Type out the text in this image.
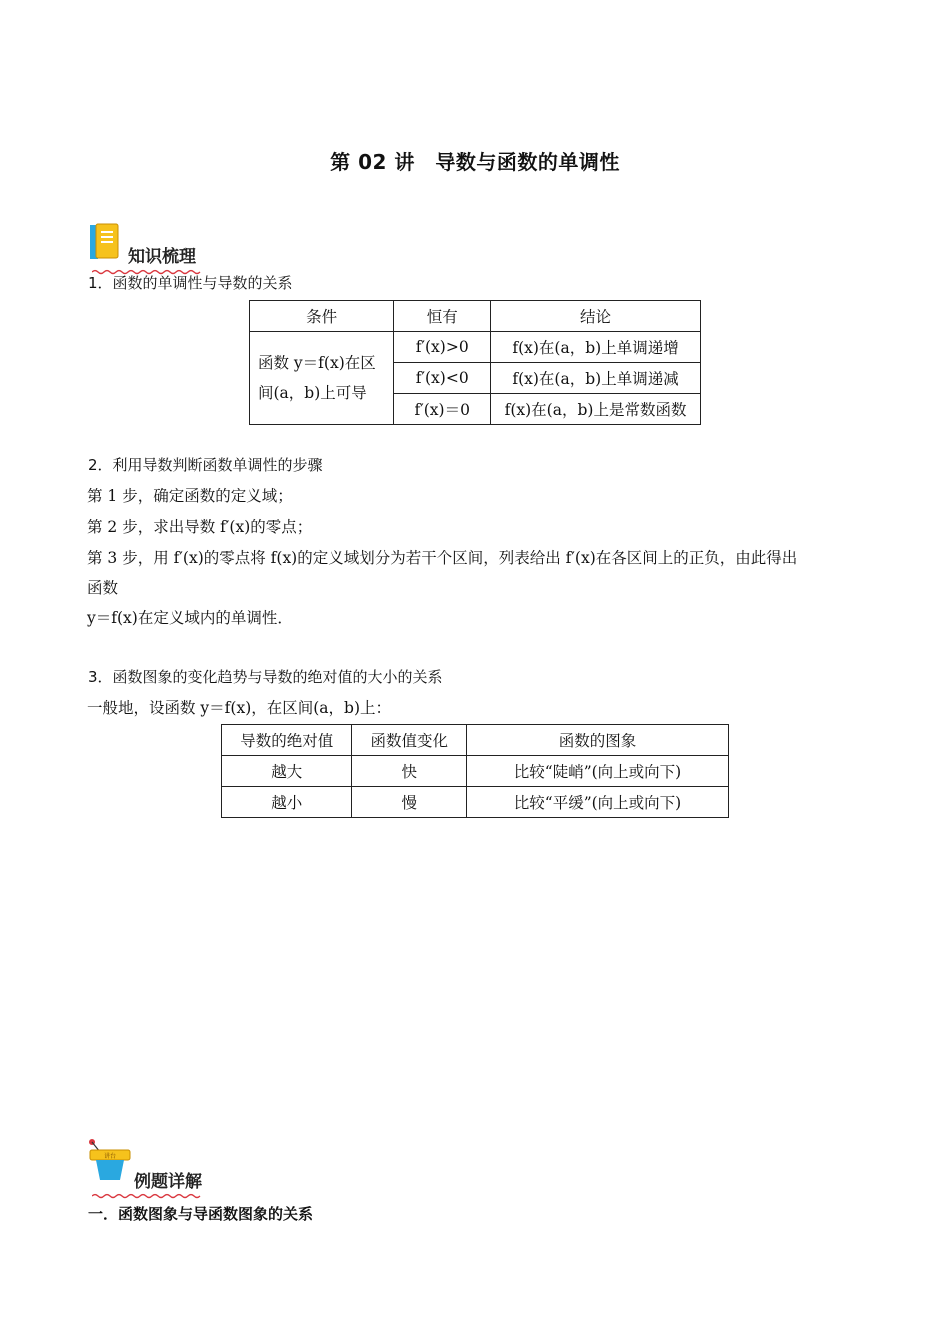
第 02 讲　导数与函数的单调性
知识梳理
1．函数的单调性与导数的关系
条件	恒有	结论

函数 y＝f(x)在区
间(a，b)上可导	f′(x)>0	f(x)在(a，b)上单调递增
	f′(x)<0	f(x)在(a，b)上单调递减
	f′(x)＝0	f(x)在(a，b)上是常数函数
2．利用导数判断函数单调性的步骤
第 1 步，确定函数的定义域；
第 2 步，求出导数 f′(x)的零点；
第 3 步，用 f′(x)的零点将 f(x)的定义域划分为若干个区间，列表给出 f′(x)在各区间上的正负，由此得出
函数
y＝f(x)在定义域内的单调性．
3．函数图象的变化趋势与导数的绝对值的大小的关系
一般地，设函数 y＝f(x)，在区间(a，b)上：
导数的绝对值	函数值变化	函数的图象
越大	快	比较“陡峭”(向上或向下)
越小	慢	比较“平缓”(向上或向下)
讲台
例题详解
一．函数图象与导函数图象的关系
